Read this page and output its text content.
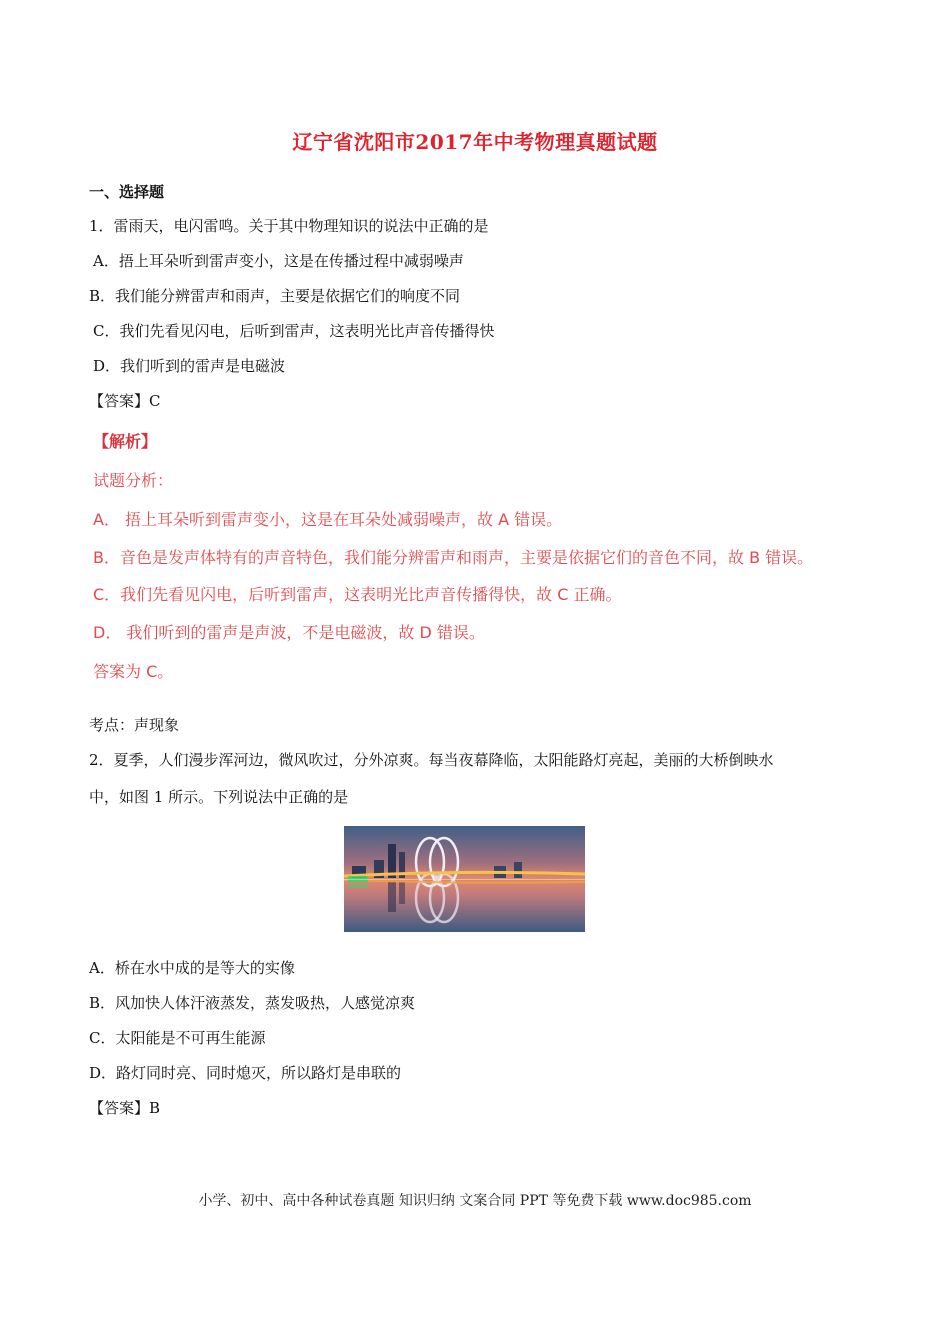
辽宁省沈阳市2017年中考物理真题试题
一、选择题
1．雷雨天，电闪雷鸣。关于其中物理知识的说法中正确的是
A．捂上耳朵听到雷声变小，这是在传播过程中减弱噪声
B．我们能分辨雷声和雨声，主要是依据它们的响度不同
C．我们先看见闪电，后听到雷声，这表明光比声音传播得快
D．我们听到的雷声是电磁波
【答案】C
【解析】
试题分析：
A． 捂上耳朵听到雷声变小，这是在耳朵处减弱噪声，故 A 错误。
B．音色是发声体特有的声音特色，我们能分辨雷声和雨声，主要是依据它们的音色不同，故 B 错误。
C．我们先看见闪电，后听到雷声，这表明光比声音传播得快，故 C 正确。
D． 我们听到的雷声是声波，不是电磁波，故 D 错误。
答案为 C。
考点：声现象
2．夏季，人们漫步浑河边，微风吹过，分外凉爽。每当夜幕降临，太阳能路灯亮起，美丽的大桥倒映水
中，如图 1 所示。下列说法中正确的是
A．桥在水中成的是等大的实像
B．风加快人体汗液蒸发，蒸发吸热，人感觉凉爽
C．太阳能是不可再生能源
D．路灯同时亮、同时熄灭，所以路灯是串联的
【答案】B
小学、初中、高中各种试卷真题 知识归纳 文案合同 PPT 等免费下载 www.doc985.com
